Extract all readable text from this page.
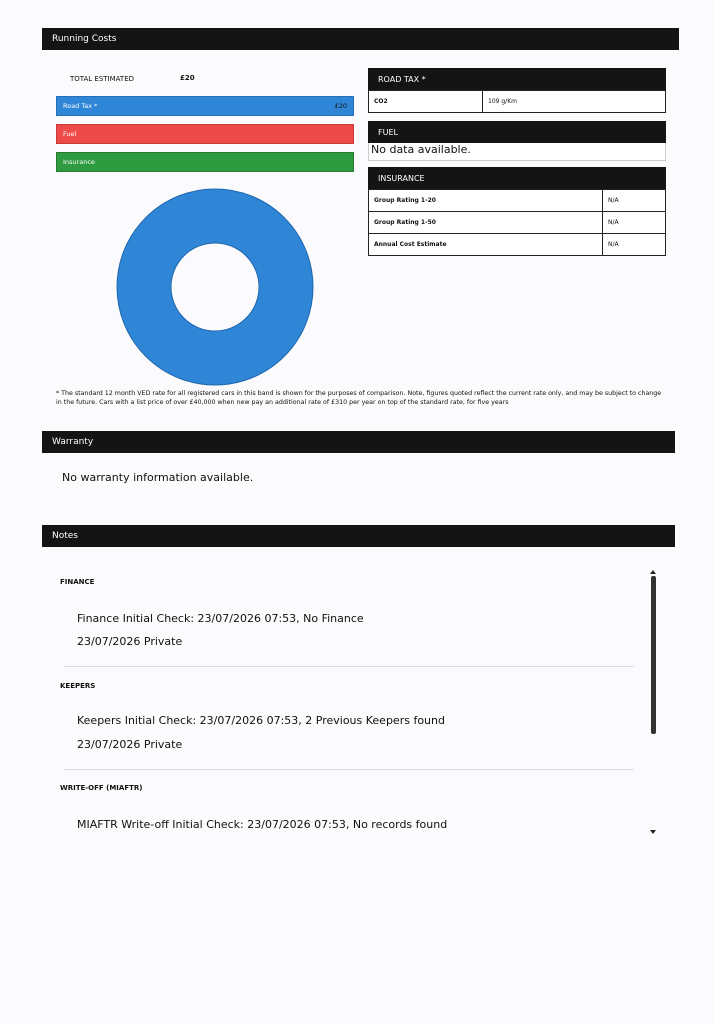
Running Costs
TOTAL ESTIMATED	£20
Road Tax *	£20
Fuel
Insurance
ROAD TAX *
CO2	109 g/Km
FUEL
No data available.
INSURANCE
Group Rating 1-20	N/A
Group Rating 1-50	N/A
Annual Cost Estimate	N/A
* The standard 12 month VED rate for all registered cars in this band is shown for the purposes of comparison. Note, figures quoted reflect the current rate only, and may be subject to change in the future. Cars with a list price of over £40,000 when new pay an additional rate of £310 per year on top of the standard rate, for five years
Warranty
No warranty information available.
Notes
FINANCE
Finance Initial Check: 23/07/2026 07:53, No Finance
23/07/2026 Private
KEEPERS
Keepers Initial Check: 23/07/2026 07:53, 2 Previous Keepers found
23/07/2026 Private
WRITE-OFF (MIAFTR)
MIAFTR Write-off Initial Check: 23/07/2026 07:53, No records found
